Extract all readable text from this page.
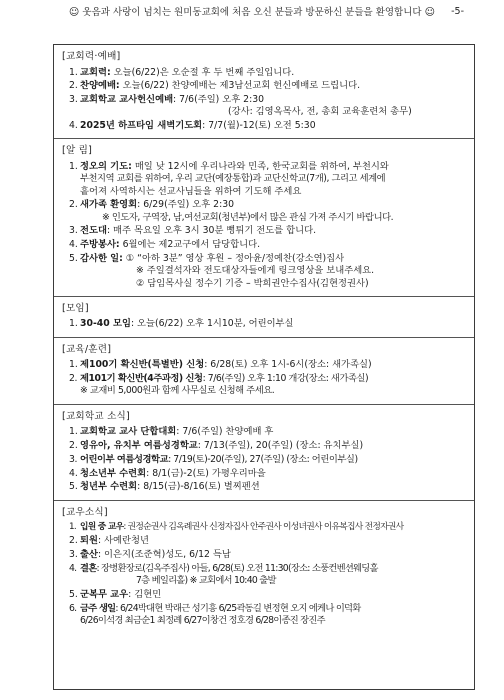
☺ 웃음과 사랑이 넘치는 원미동교회에 처음 오신 분들과 방문하신 분들을 환영합니다 ☺ -5-
[교회력·예배]
1. 교회력: 오늘(6/22)은 오순절 후 두 번째 주일입니다.
2. 찬양예배: 오늘(6/22) 찬양예배는 제3남선교회 헌신예배로 드립니다.
3. 교회학교 교사헌신예배: 7/6(주일) 오후 2:30
(강사: 김영옥목사, 전, 총회 교육훈련처 총무)
4. 2025년 하프타임 새벽기도회: 7/7(월)-12(토) 오전 5:30
[알 림]
1. 정오의 기도: 매일 낮 12시에 우리나라와 민족, 한국교회를 위하여, 부천시와
부천지역 교회를 위하여, 우리 교단(예장통합)과 교단신학교(7개), 그리고 세계에
흩어져 사역하시는 선교사님들을 위하여 기도해 주세요
2. 새가족 환영회: 6/29(주일) 오후 2:30
※ 인도자, 구역장, 남,여선교회(청년부)에서 많은 관심 가져 주시기 바랍니다.
3. 전도대: 매주 목요일 오후 3시 30분 뻥튀기 전도를 합니다.
4. 주방봉사: 6월에는 제2교구에서 담당합니다.
5. 감사한 일: ① “아하 3분” 영상 후원 – 정아윤/정예찬(강소연)집사
※ 주일결석자와 전도대상자들에게 링크영상을 보내주세요.
② 담임목사실 정수기 기증 – 박희권안수집사(김현정권사)
[모임]
1. 30-40 모임: 오늘(6/22) 오후 1시10분, 어린이부실
[교육/훈련]
1. 제100기 확신반(특별반) 신청: 6/28(토) 오후 1시-6시(장소: 새가족실)
2. 제101기 확신반(4주과정) 신청: 7/6(주일) 오후 1:10 개강(장소: 새가족실)
※ 교재비 5,000원과 함께 사무실로 신청해 주세요.
[교회학교 소식]
1. 교회학교 교사 단합대회: 7/6(주일) 찬양예배 후
2. 영유아, 유치부 여름성경학교: 7/13(주일), 20(주일) (장소: 유치부실)
3. 어린이부 여름성경학교: 7/19(토)-20(주일), 27(주일) (장소: 어린이부실)
4. 청소년부 수련회: 8/1(금)-2(토) 가평우리마을
5. 청년부 수련회: 8/15(금)-8/16(토) 별찌펜션
[교우소식]
1. 입원 중 교우: 권정순권사 김옥례권사 신정자집사 안주권사 이성녀권사 이유복집사 전정자권사
2. 퇴원: 사예란청년
3. 출산: 이은지(조준혁)성도, 6/12 득남
4. 결혼: 장병환장로(김옥주집사) 아들, 6/28(토) 오전 11:30(장소: 소풍컨벤션웨딩홀
7층 베일리홀) ※ 교회에서 10:40 출발
5. 군복무 교우: 김현민
6. 금주 생일: 6/24박대현 박래근 성기흥 6/25곽동길 변정현 오지 에케나 이덕화
6/26이석경 최금순1 최정례 6/27이창건 정호경 6/28이종진 장진주
